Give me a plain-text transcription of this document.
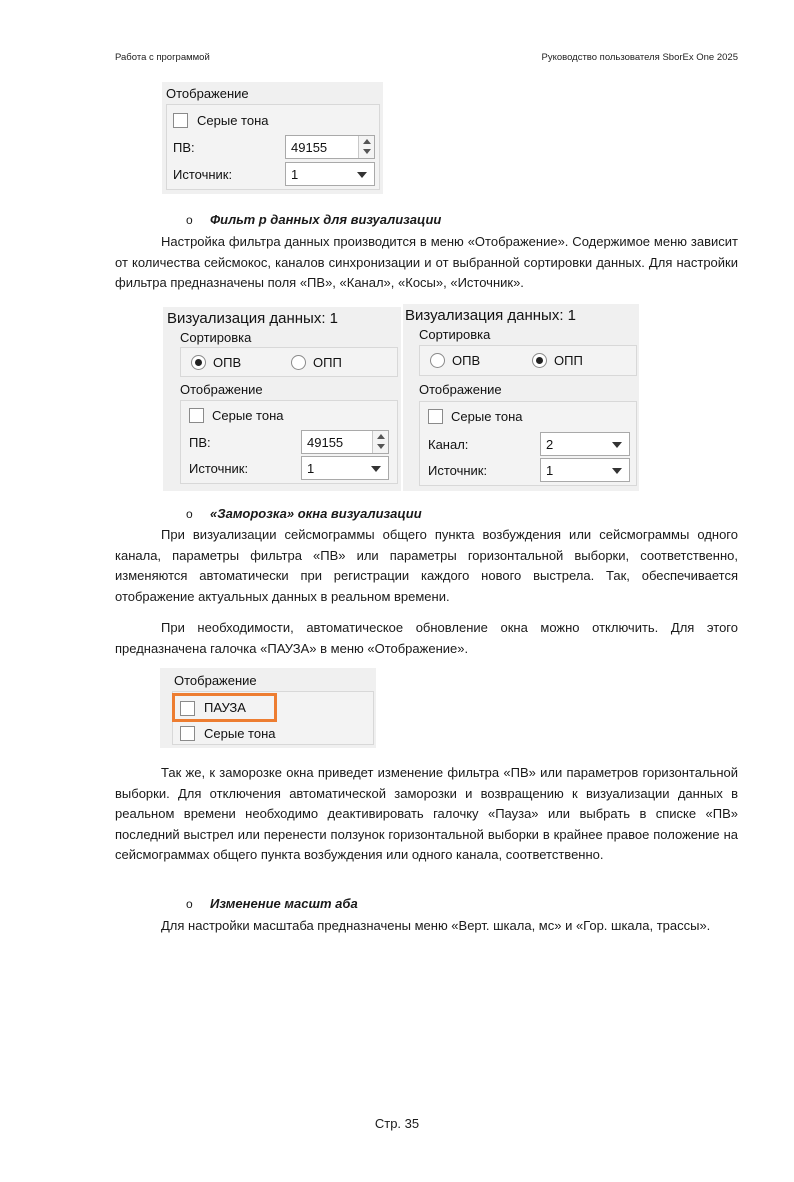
Работа с программой	Руководство пользователя SborEx One 2025
Отображение
Серые тона
ПВ:	49155
Источник:	1
o Фильт р данных для визуализации
Настройка фильтра данных производится в меню «Отображение». Содержимое меню зависит от количества сейсмокос, каналов синхронизации и от выбранной сортировки данных. Для настройки фильтра предназначены поля «ПВ», «Канал», «Косы», «Источник».
Визуализация данных: 1
Сортировка
ОПВ	ОПП
Отображение
Серые тона
ПВ:	49155
Источник:	1
Визуализация данных: 1
Сортировка
ОПВ	ОПП
Отображение
Серые тона
Канал:	2
Источник:	1
o «Заморозка» окна визуализации
При визуализации сейсмограммы общего пункта возбуждения или сейсмограммы одного канала, параметры фильтра «ПВ» или параметры горизонтальной выборки, соответственно, изменяются автоматически при регистрации каждого нового выстрела. Так, обеспечивается отображение актуальных данных в реальном времени.
При необходимости, автоматическое обновление окна можно отключить. Для этого предназначена галочка «ПАУЗА» в меню «Отображение».
Отображение
ПАУЗА
Серые тона
Так же, к заморозке окна приведет изменение фильтра «ПВ» или параметров горизонтальной выборки. Для отключения автоматической заморозки и возвращению к визуализации данных в реальном времени необходимо деактивировать галочку «Пауза» или выбрать в списке «ПВ» последний выстрел или перенести ползунок горизонтальной выборки в крайнее правое положение на сейсмограммах общего пункта возбуждения или одного канала, соответственно.
o Изменение масшт аба
Для настройки масштаба предназначены меню «Верт. шкала, мс» и «Гор. шкала, трассы».
Стр. 35
